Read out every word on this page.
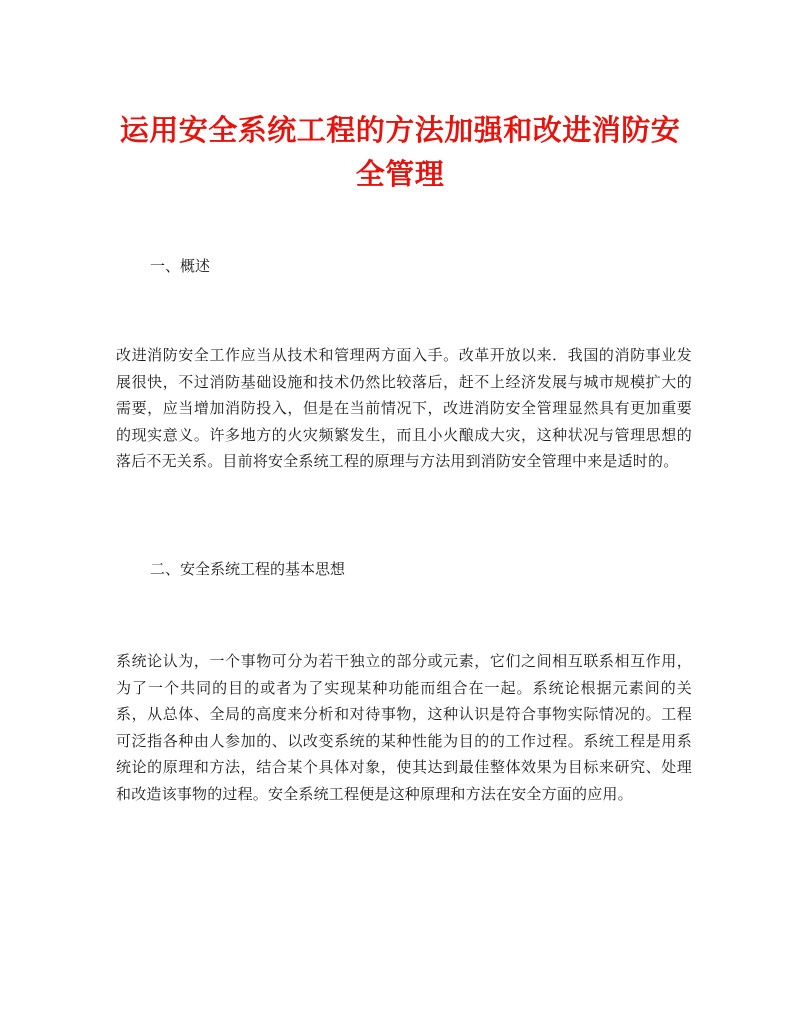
运用安全系统工程的方法加强和改进消防安全管理
一、概述

改进消防安全工作应当从技术和管理两方面入手。改革开放以来．我国的消防事业发展很快，不过消防基础设施和技术仍然比较落后，赶不上经济发展与城市规模扩大的需要，应当增加消防投入，但是在当前情况下，改进消防安全管理显然具有更加重要的现实意义。许多地方的火灾频繁发生，而且小火酿成大灾，这种状况与管理思想的落后不无关系。目前将安全系统工程的原理与方法用到消防安全管理中来是适时的。

二、安全系统工程的基本思想

系统论认为，一个事物可分为若干独立的部分或元素，它们之间相互联系相互作用，为了一个共同的目的或者为了实现某种功能而组合在一起。系统论根据元素间的关系，从总体、全局的高度来分析和对待事物，这种认识是符合事物实际情况的。工程可泛指各种由人参加的、以改变系统的某种性能为目的的工作过程。系统工程是用系统论的原理和方法，结合某个具体对象，使其达到最佳整体效果为目标来研究、处理和改造该事物的过程。安全系统工程便是这种原理和方法在安全方面的应用。
